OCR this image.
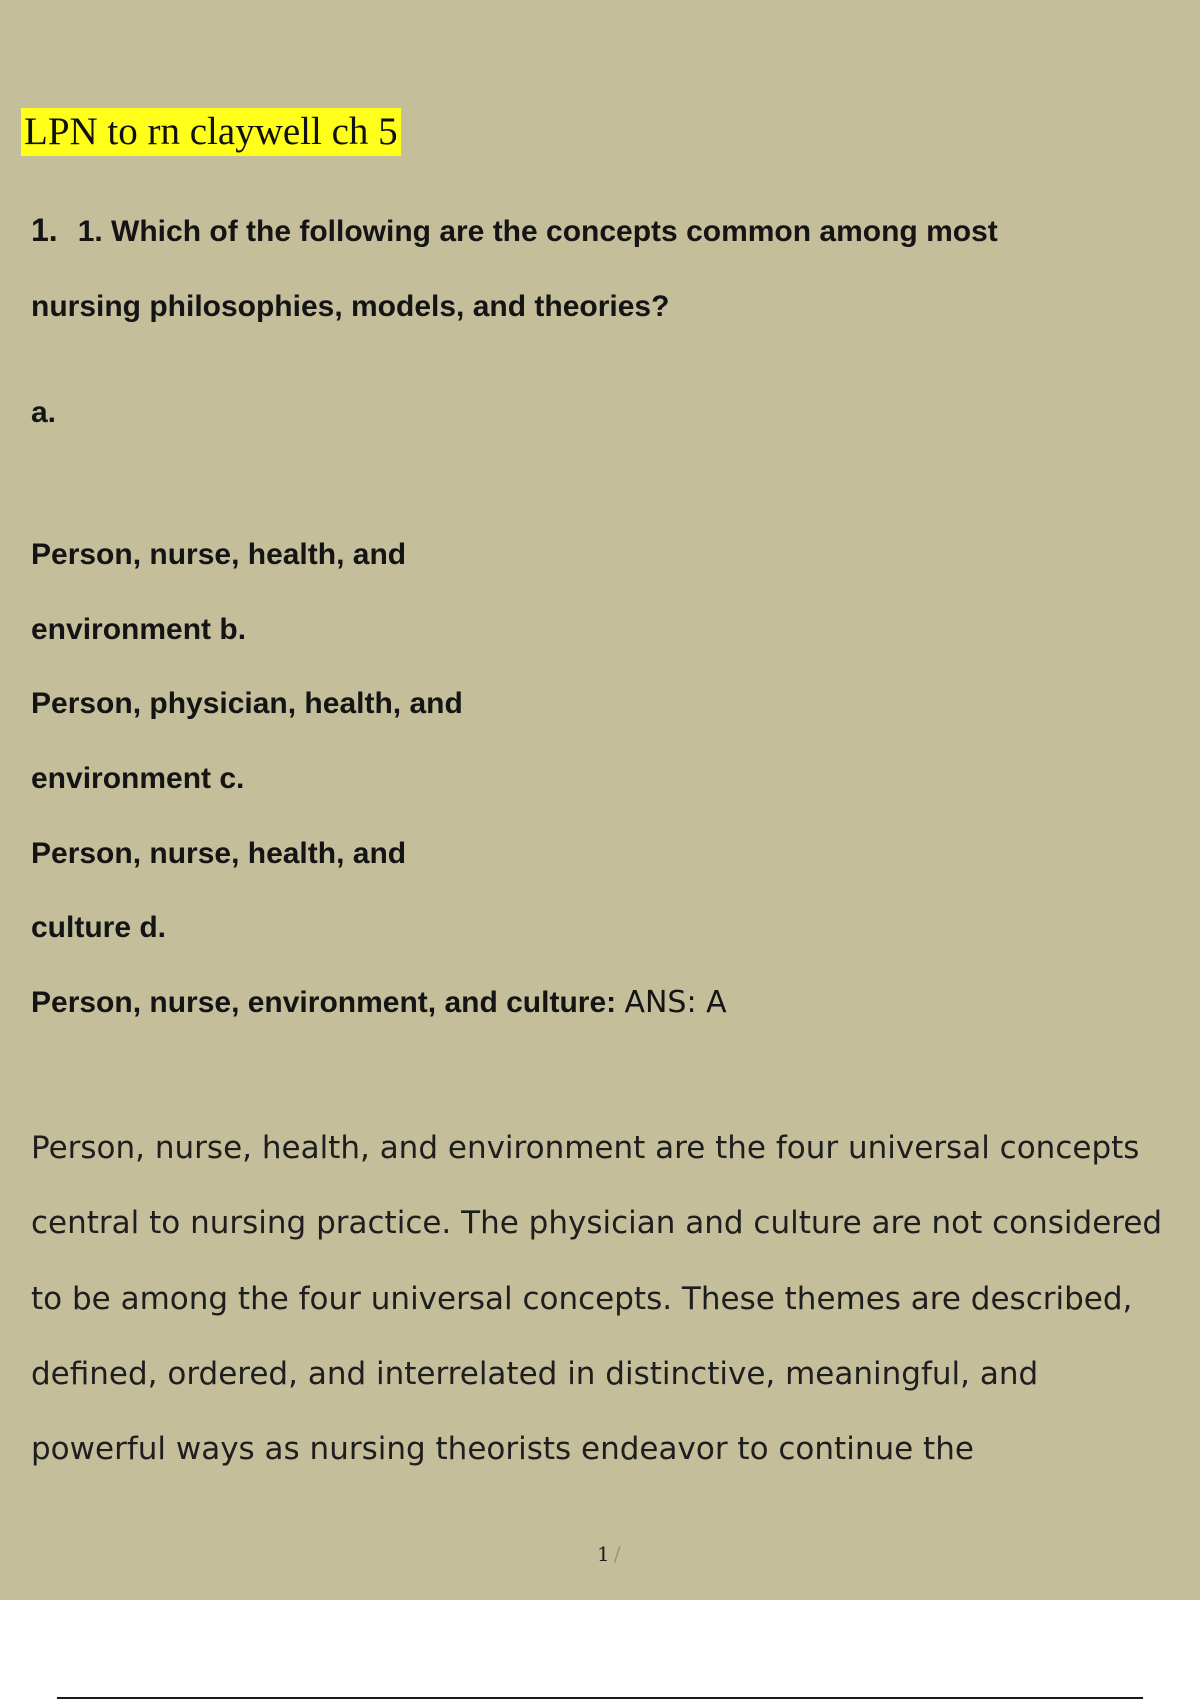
LPN to rn claywell ch 5
1. 1. Which of the following are the concepts common among most
nursing philosophies, models, and theories?
a.
Person, nurse, health, and
environment b.
Person, physician, health, and
environment c.
Person, nurse, health, and
culture d.
Person, nurse, environment, and culture: ANS: A
Person, nurse, health, and environment are the four universal concepts
central to nursing practice. The physician and culture are not considered
to be among the four universal concepts. These themes are described,
defined, ordered, and interrelated in distinctive, meaningful, and
powerful ways as nursing theorists endeavor to continue the
1 /
